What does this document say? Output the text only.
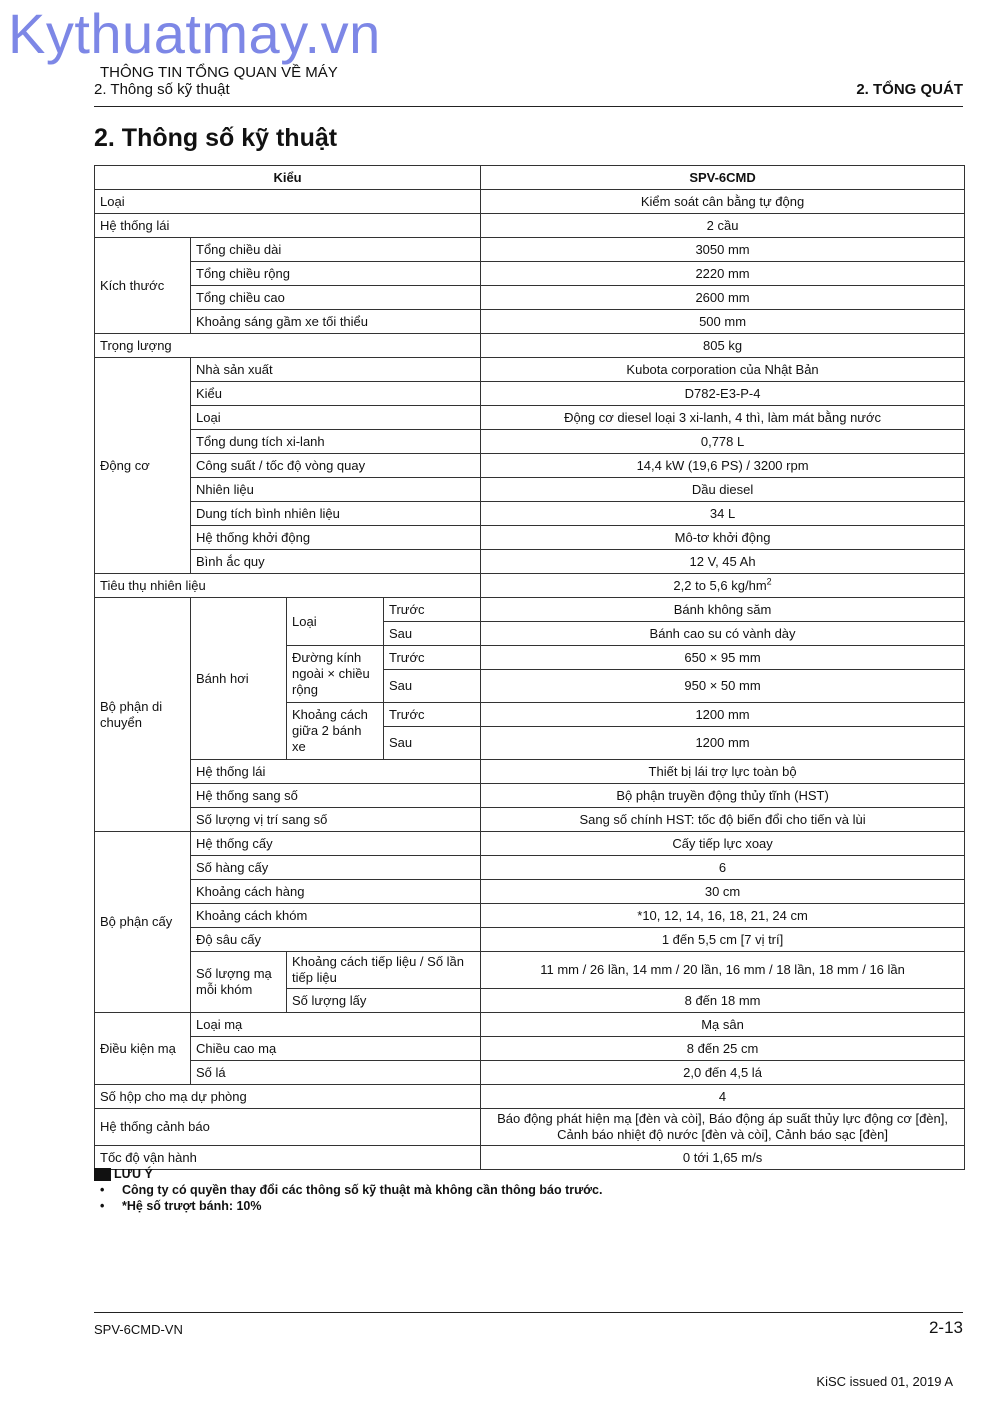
Kythuatmay.vn
THÔNG TIN TỔNG QUAN VỀ MÁY
2. Thông số kỹ thuật	2. TỔNG QUÁT
2. Thông số kỹ thuật
Kiểu				SPV-6CMD
Loại				Kiểm soát cân bằng tự động
Hệ thống lái				2 cầu
Kích thước	Tổng chiều dài			3050 mm
	Tổng chiều rộng			2220 mm
	Tổng chiều cao			2600 mm
	Khoảng sáng gầm xe tối thiểu			500 mm
Trọng lượng				805 kg
Động cơ	Nhà sản xuất			Kubota corporation của Nhật Bản
	Kiểu			D782-E3-P-4
	Loại			Động cơ diesel loại 3 xi-lanh, 4 thì, làm mát bằng nước
	Tổng dung tích xi-lanh			0,778 L
	Công suất / tốc độ vòng quay			14,4 kW (19,6 PS) / 3200 rpm
	Nhiên liệu			Dầu diesel
	Dung tích bình nhiên liệu			34 L
	Hệ thống khởi động			Mô-tơ khởi động
	Bình ắc quy			12 V, 45 Ah
Tiêu thụ nhiên liệu				2,2 to 5,6 $kg/hm^2$
Bộ phận di chuyển	Bánh hơi	Loại	Trước	Bánh không săm
			Sau	Bánh cao su có vành dày
		Đường kính ngoài × chiều rộng	Trước	650 × 95 mm
			Sau	950 × 50 mm
		Khoảng cách giữa 2 bánh xe	Trước	1200 mm
			Sau	1200 mm
	Hệ thống lái			Thiết bị lái trợ lực toàn bộ
	Hệ thống sang số			Bộ phận truyền động thủy tĩnh (HST)
	Số lượng vị trí sang số			Sang số chính HST: tốc độ biến đổi cho tiến và lùi
Bộ phận cấy	Hệ thống cấy			Cấy tiếp lực xoay
	Số hàng cấy			6
	Khoảng cách hàng			30 cm
	Khoảng cách khóm			*10, 12, 14, 16, 18, 21, 24 cm
	Độ sâu cấy			1 đến 5,5 cm [7 vị trí]
	Số lượng mạ mỗi khóm	Khoảng cách tiếp liệu / Số lần tiếp liệu		11 mm / 26 lần, 14 mm / 20 lần, 16 mm / 18 lần, 18 mm / 16 lần
		Số lượng lấy		8 đến 18 mm
Điều kiện mạ	Loại mạ			Mạ sân
	Chiều cao mạ			8 đến 25 cm
	Số lá			2,0 đến 4,5 lá
Số hộp cho mạ dự phòng				4
Hệ thống cảnh báo				Báo động phát hiện mạ [đèn và còi], Báo động áp suất thủy lực động cơ [đèn],
Cảnh báo nhiệt độ nước [đèn và còi], Cảnh báo sạc [đèn]
Tốc độ vận hành				0 tới 1,65 m/s
LƯU Ý
• Công ty có quyền thay đổi các thông số kỹ thuật mà không cần thông báo trước.
• *Hệ số trượt bánh: 10%
SPV-6CMD-VN	2-13
KiSC issued 01, 2019 A
